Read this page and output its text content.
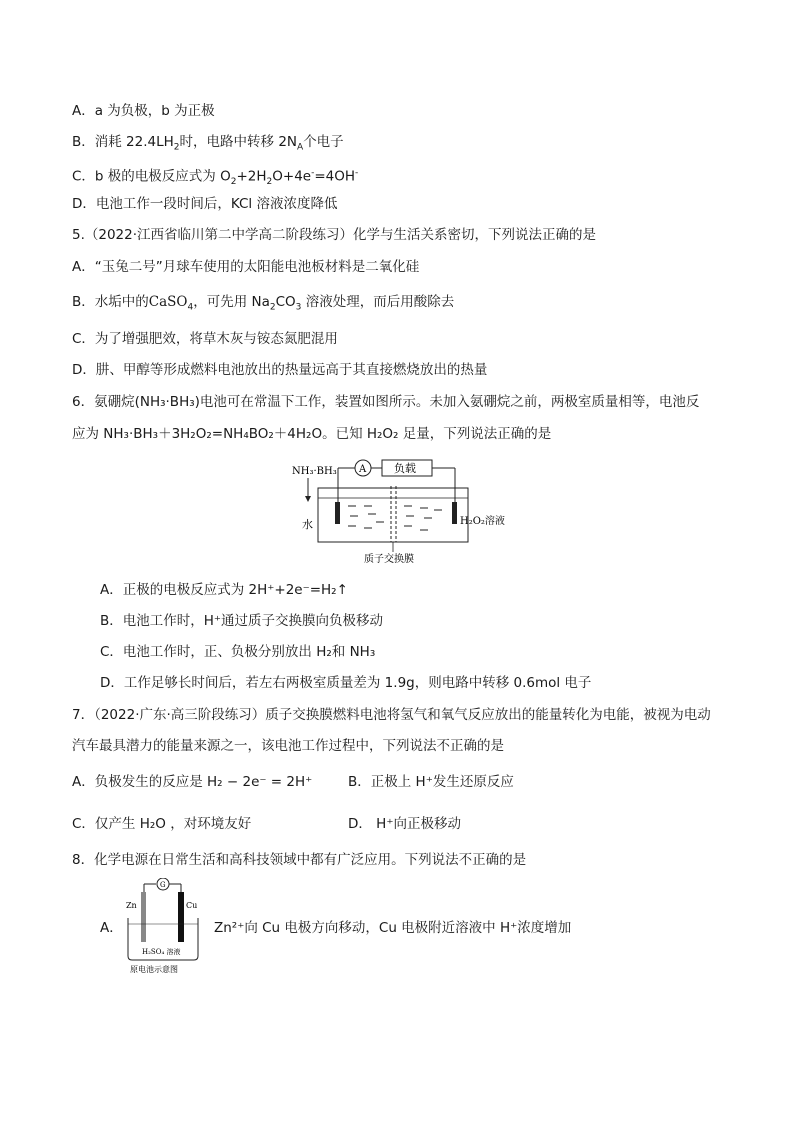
A．a 为负极，b 为正极
B．消耗 $22.4LH_2$时，电路中转移 $2N_A$个电子
C．b 极的电极反应式为 $O_2+2H_2O+4e^-=4OH^-$
D．电池工作一段时间后，KCl 溶液浓度降低
5.（2022·江西省临川第二中学高二阶段练习）化学与生活关系密切，下列说法正确的是
A．“玉兔二号”月球车使用的太阳能电池板材料是二氧化硅
B．水垢中的CaSO$_4$，可先用 $Na_2CO_3$ 溶液处理，而后用酸除去
C．为了增强肥效，将草木灰与铵态氮肥混用
D．肼、甲醇等形成燃料电池放出的热量远高于其直接燃烧放出的热量
6．氨硼烷(NH₃·BH₃)电池可在常温下工作，装置如图所示。未加入氨硼烷之前，两极室质量相等，电池反
应为 NH₃·BH₃＋3H₂O₂=NH₄BO₂＋4H₂O。已知 H₂O₂ 足量，下列说法正确的是
NH₃·BH₃ A	负载
水	H₂O₂溶液
质子交换膜
A．正极的电极反应式为 2H⁺+2e⁻=H₂↑
B．电池工作时，H⁺通过质子交换膜向负极移动
C．电池工作时，正、负极分别放出 H₂和 NH₃
D．工作足够长时间后，若左右两极室质量差为 1.9g，则电路中转移 0.6mol 电子
7．（2022·广东·高三阶段练习）质子交换膜燃料电池将氢气和氧气反应放出的能量转化为电能，被视为电动
汽车最具潜力的能量来源之一，该电池工作过程中，下列说法不正确的是
A．负极发生的反应是 H₂ − 2e⁻ = 2H⁺	B．正极上 H⁺发生还原反应
C．仅产生 H₂O ，对环境友好	D． H⁺向正极移动
8．化学电源在日常生活和高科技领域中都有广泛应用。下列说法不正确的是
A．
G
Zn	Cu
H₂SO₄ 溶液
原电池示意图
Zn²⁺向 Cu 电极方向移动，Cu 电极附近溶液中 H⁺浓度增加
